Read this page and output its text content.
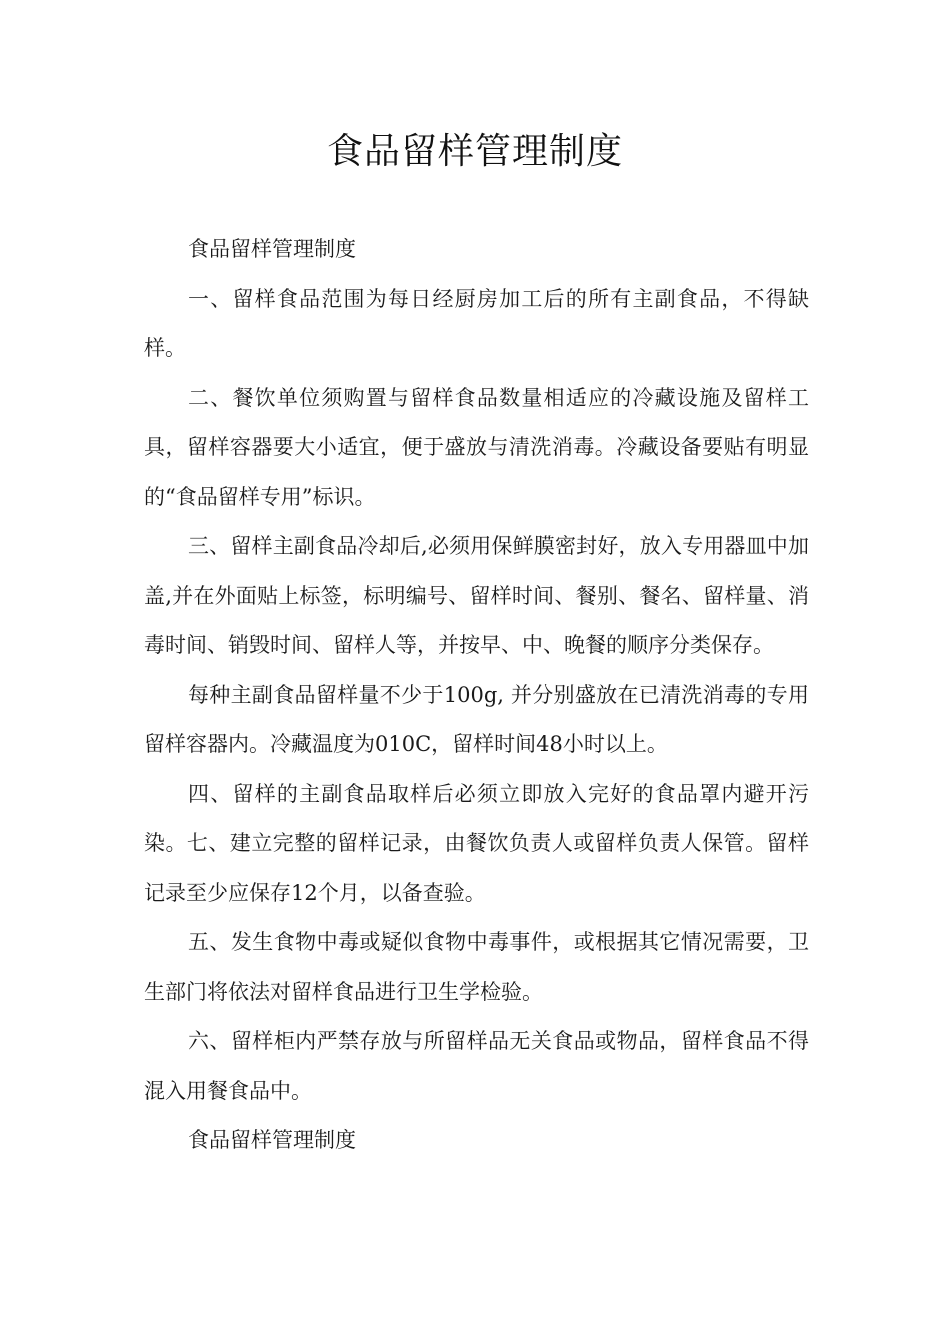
食品留样管理制度

食品留样管理制度

一、留样食品范围为每日经厨房加工后的所有主副食品，不得缺样。

二、餐饮单位须购置与留样食品数量相适应的冷藏设施及留样工具，留样容器要大小适宜，便于盛放与清洗消毒。冷藏设备要贴有明显的“食品留样专用”标识。

三、留样主副食品冷却后,必须用保鲜膜密封好，放入专用器皿中加盖,并在外面贴上标签，标明编号、留样时间、餐别、餐名、留样量、消毒时间、销毁时间、留样人等，并按早、中、晚餐的顺序分类保存。

每种主副食品留样量不少于100g, 并分别盛放在已清洗消毒的专用留样容器内。冷藏温度为010C，留样时间48小时以上。

四、留样的主副食品取样后必须立即放入完好的食品罩内避开污染。七、建立完整的留样记录，由餐饮负责人或留样负责人保管。留样记录至少应保存12个月，以备查验。

五、发生食物中毒或疑似食物中毒事件，或根据其它情况需要，卫生部门将依法对留样食品进行卫生学检验。

六、留样柜内严禁存放与所留样品无关食品或物品，留样食品不得混入用餐食品中。

食品留样管理制度
